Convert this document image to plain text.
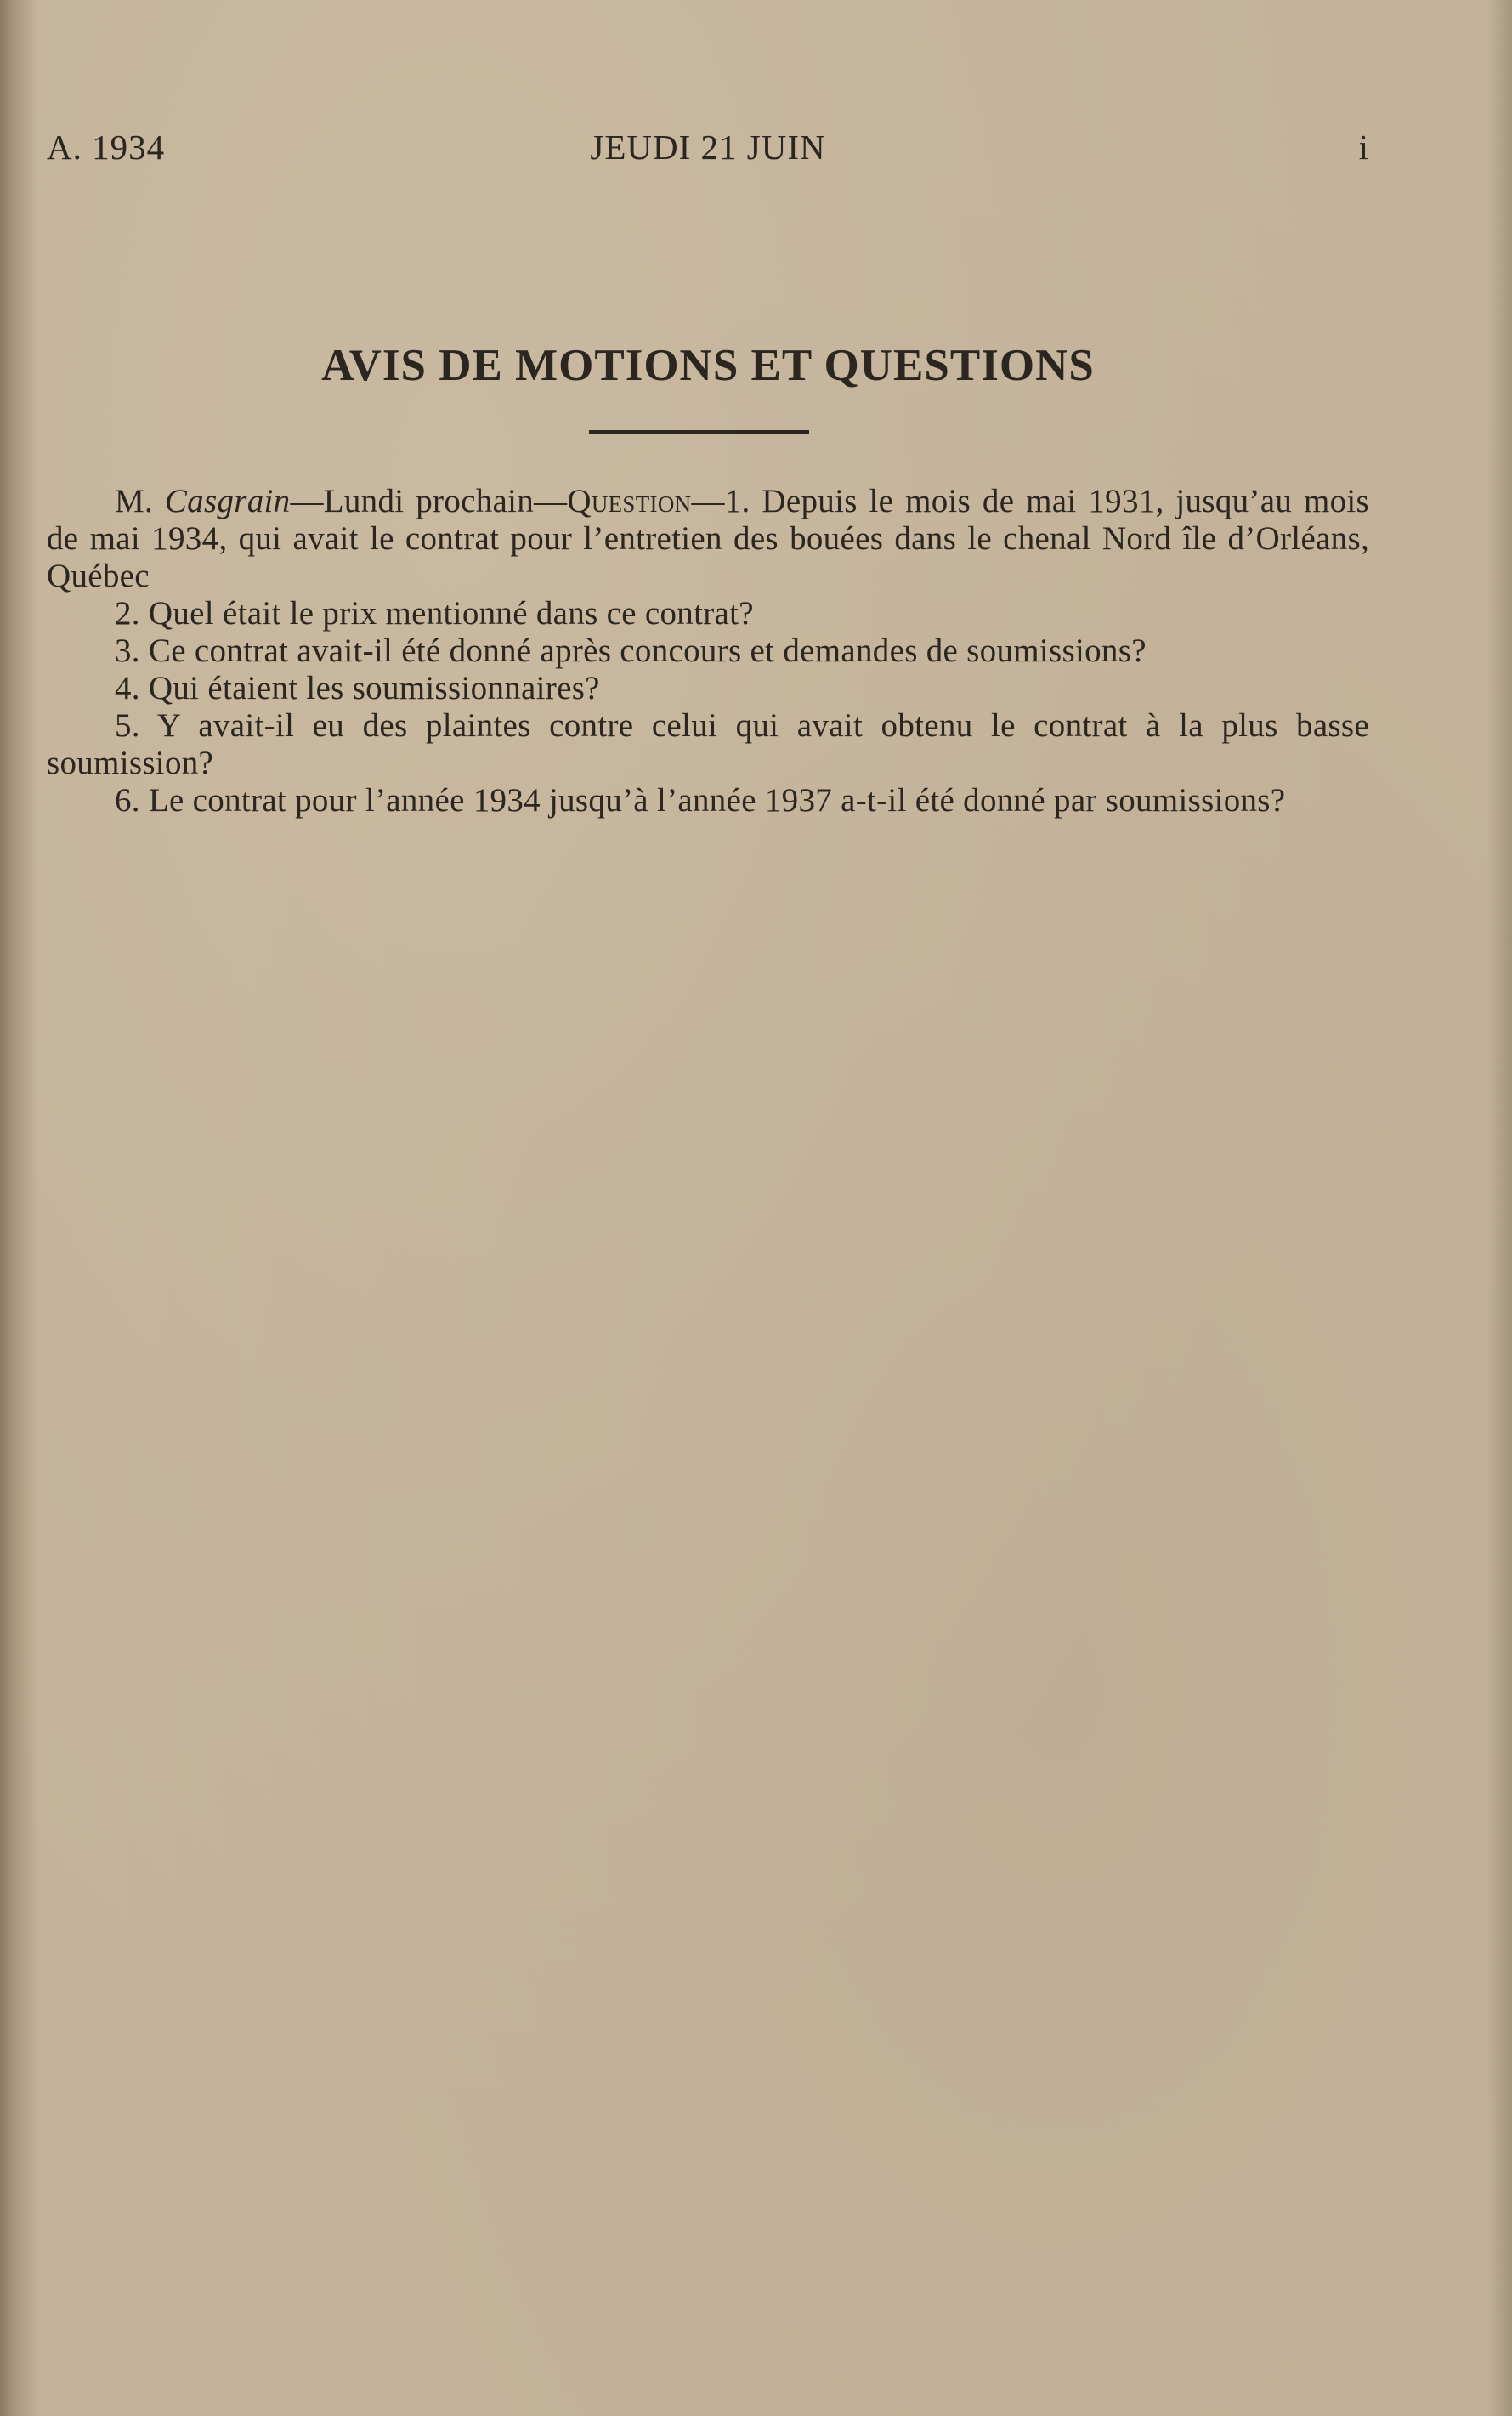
A. 1934	JEUDI 21 JUIN	i
AVIS DE MOTIONS ET QUESTIONS

M. Casgrain—Lundi prochain—Question—1. Depuis le mois de mai 1931, jusqu’au mois de mai 1934, qui avait le contrat pour l’entretien des bouées dans le chenal Nord île d’Orléans, Québec

2. Quel était le prix mentionné dans ce contrat?

3. Ce contrat avait-il été donné après concours et demandes de soumissions?

4. Qui étaient les soumissionnaires?

5. Y avait-il eu des plaintes contre celui qui avait obtenu le contrat à la plus basse soumission?

6. Le contrat pour l’année 1934 jusqu’à l’année 1937 a-t-il été donné par soumissions?
